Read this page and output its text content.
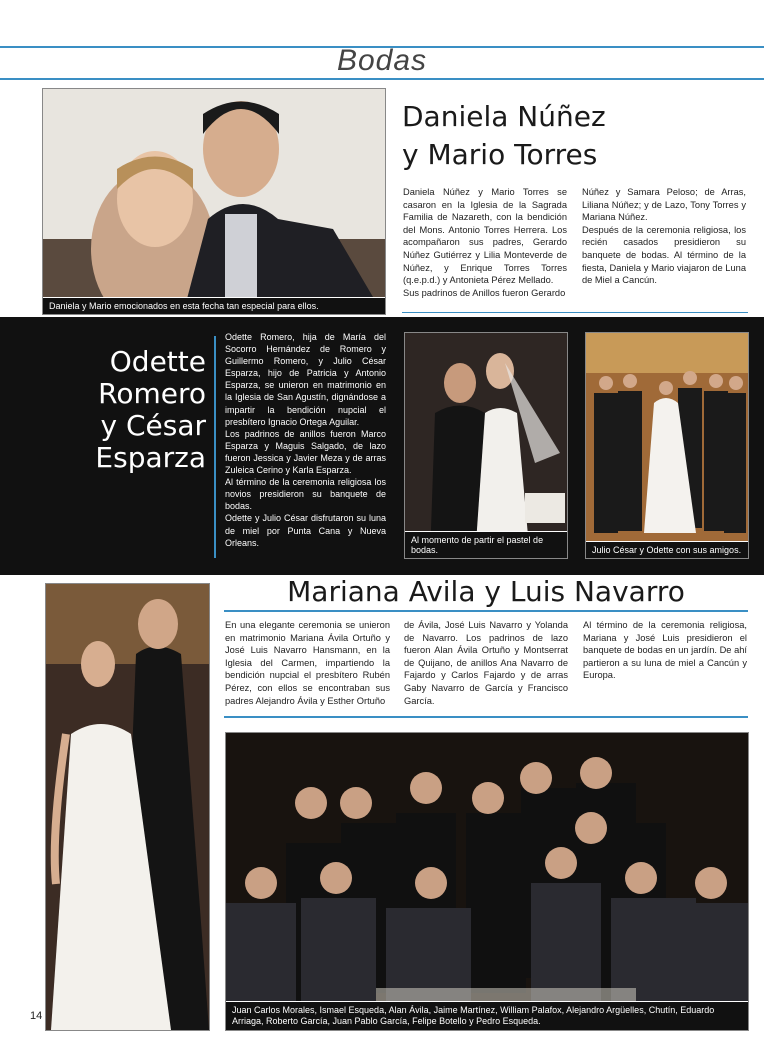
Bodas
Daniela y Mario emocionados en esta fecha tan especial para ellos.
Daniela Núñez
y Mario Torres

Daniela Núñez y Mario Torres se casaron en la Iglesia de la Sagrada Familia de Nazareth, con la bendición del Mons. Antonio Torres Herrera. Los acompañaron sus padres, Gerardo Núñez Gutiérrez y Lilia Monteverde de Núñez, y Enrique Torres Torres (q.e.p.d.) y Antonieta Pérez Mellado.

Sus padrinos de Anillos fueron Gerardo

Núñez y Samara Peloso; de Arras, Liliana Núñez; y de Lazo, Tony Torres y Mariana Núñez.

Después de la ceremonia religiosa, los recién casados presidieron su banquete de bodas. Al término de la fiesta, Daniela y Mario viajaron de Luna de Miel a Cancún.

Odette
Romero
y César
Esparza

Odette Romero, hija de María del Socorro Hernández de Romero y Guillermo Romero, y Julio César Esparza, hijo de Patricia y Antonio Esparza, se unieron en matrimonio en la Iglesia de San Agustín, dignándose a impartir la bendición nupcial el presbítero Ignacio Ortega Aguilar.

Los padrinos de anillos fueron Marco Esparza y Maguis Salgado, de lazo fueron Jessica y Javier Meza y de arras Zuleica Cerino y Karla Esparza.

Al término de la ceremonia religiosa los novios presidieron su banquete de bodas.

Odette y Julio César disfrutaron su luna de miel por Punta Cana y Nueva Orleans.	Al momento de partir el pastel de bodas.	Julio César y Odette con sus amigos.
Mariana Avila y Luis Navarro
En una elegante ceremonia se unieron en matrimonio Mariana Ávila Ortuño y José Luis Navarro Hansmann, en la Iglesia del Carmen, impartiendo la bendición nupcial el presbítero Rubén Pérez, con ellos se encontraban sus padres Alejandro Ávila y Esther Ortuño
de Ávila, José Luis Navarro y Yolanda de Navarro. Los padrinos de lazo fueron Alan Ávila Ortuño y Montserrat de Quijano, de anillos Ana Navarro de Fajardo y Carlos Fajardo y de arras Gaby Navarro de García y Francisco García.
Al término de la ceremonia religiosa, Mariana y José Luis presidieron el banquete de bodas en un jardín. De ahí partieron a su luna de miel a Cancún y Europa.
Juan Carlos Morales, Ismael Esqueda, Alan Ávila, Jaime Martínez, William Palafox, Alejandro Argüelles, Chutín, Eduardo Arriaga, Roberto García, Juan Pablo García, Felipe Botello y Pedro Esqueda.
14
